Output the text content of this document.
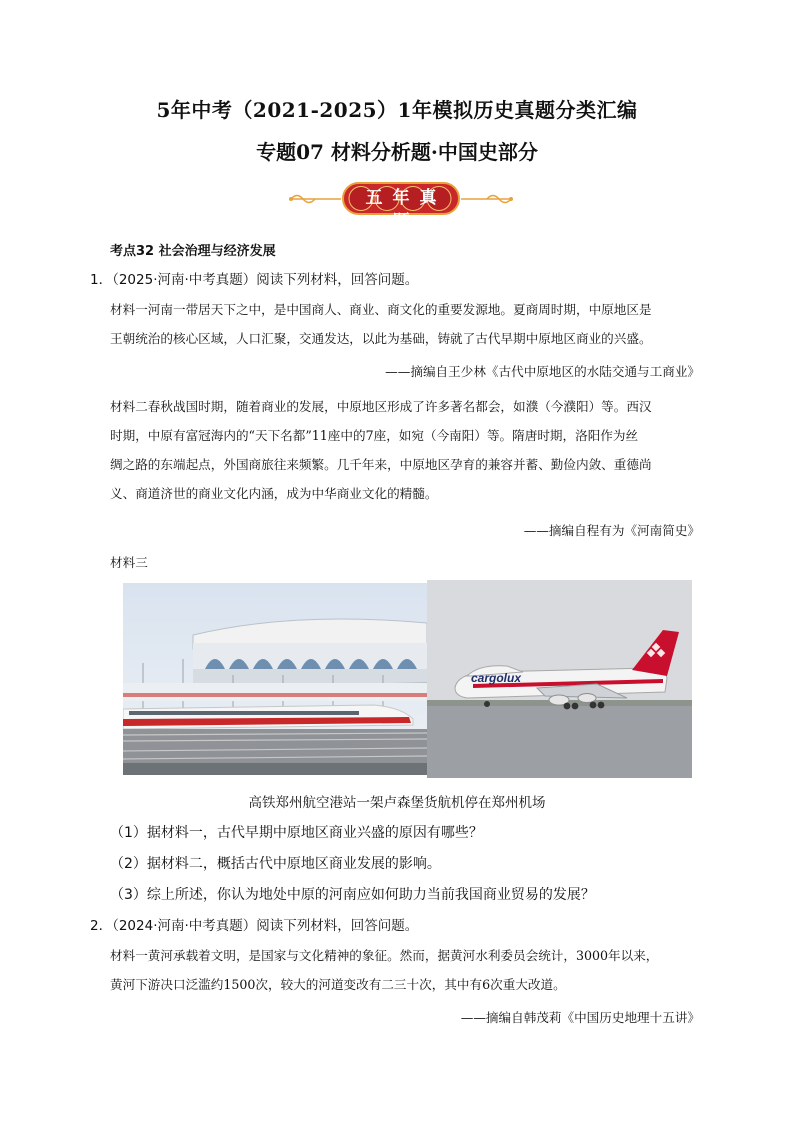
5年中考（2021-2025）1年模拟历史真题分类汇编
专题07 材料分析题·中国史部分
五年真题
考点32 社会治理与经济发展
1．（2025·河南·中考真题）阅读下列材料，回答问题。
材料一河南一带居天下之中，是中国商人、商业、商文化的重要发源地。夏商周时期，中原地区是
王朝统治的核心区域，人口汇聚，交通发达，以此为基础，铸就了古代早期中原地区商业的兴盛。
——摘编自王少林《古代中原地区的水陆交通与工商业》
材料二春秋战国时期，随着商业的发展，中原地区形成了许多著名都会，如濮（今濮阳）等。西汉
时期，中原有富冠海内的“天下名都”11座中的7座，如宛（今南阳）等。隋唐时期，洛阳作为丝
绸之路的东端起点，外国商旅往来频繁。几千年来，中原地区孕育的兼容并蓄、勤俭内敛、重德尚
义、商道济世的商业文化内涵，成为中华商业文化的精髓。
——摘编自程有为《河南简史》
材料三
cargolux
高铁郑州航空港站一架卢森堡货航机停在郑州机场
（1）据材料一，古代早期中原地区商业兴盛的原因有哪些？
（2）据材料二，概括古代中原地区商业发展的影响。
（3）综上所述，你认为地处中原的河南应如何助力当前我国商业贸易的发展？
2．（2024·河南·中考真题）阅读下列材料，回答问题。
材料一黄河承载着文明，是国家与文化精神的象征。然而，据黄河水利委员会统计，3000年以来，
黄河下游决口泛滥约1500次，较大的河道变改有二三十次，其中有6次重大改道。
——摘编自韩茂莉《中国历史地理十五讲》
